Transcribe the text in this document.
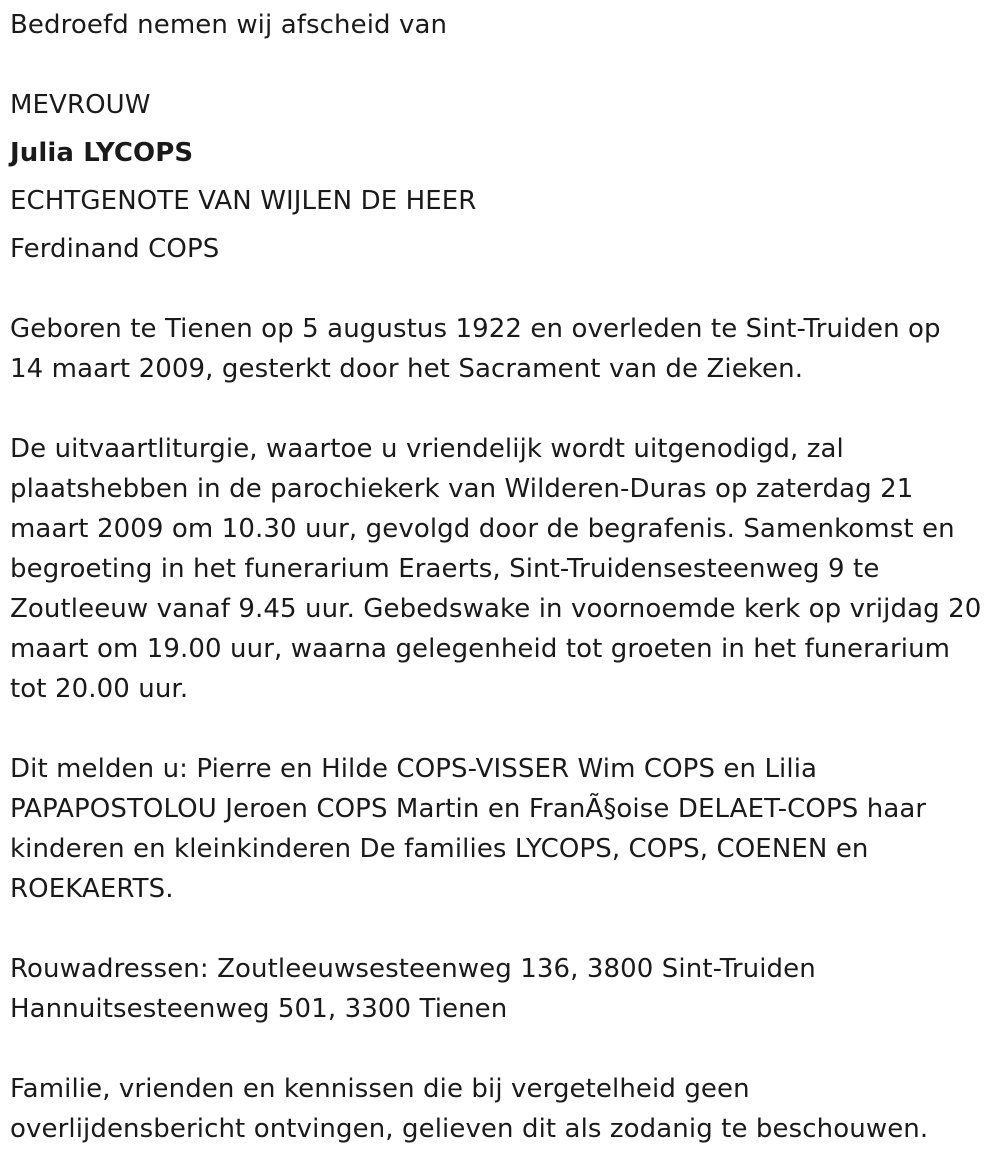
Bedroefd nemen wij afscheid van
MEVROUW
Julia LYCOPS
ECHTGENOTE VAN WIJLEN DE HEER
Ferdinand COPS
Geboren te Tienen op 5 augustus 1922 en overleden te Sint-Truiden op
14 maart 2009, gesterkt door het Sacrament van de Zieken.
De uitvaartliturgie, waartoe u vriendelijk wordt uitgenodigd, zal
plaatshebben in de parochiekerk van Wilderen-Duras op zaterdag 21
maart 2009 om 10.30 uur, gevolgd door de begrafenis. Samenkomst en
begroeting in het funerarium Eraerts, Sint-Truidensesteenweg 9 te
Zoutleeuw vanaf 9.45 uur. Gebedswake in voornoemde kerk op vrijdag 20
maart om 19.00 uur, waarna gelegenheid tot groeten in het funerarium
tot 20.00 uur.
Dit melden u: Pierre en Hilde COPS-VISSER Wim COPS en Lilia
PAPAPOSTOLOU Jeroen COPS Martin en FranÃ§oise DELAET-COPS haar
kinderen en kleinkinderen De families LYCOPS, COPS, COENEN en
ROEKAERTS.
Rouwadressen: Zoutleeuwsesteenweg 136, 3800 Sint-Truiden
Hannuitsesteenweg 501, 3300 Tienen
Familie, vrienden en kennissen die bij vergetelheid geen
overlijdensbericht ontvingen, gelieven dit als zodanig te beschouwen.
